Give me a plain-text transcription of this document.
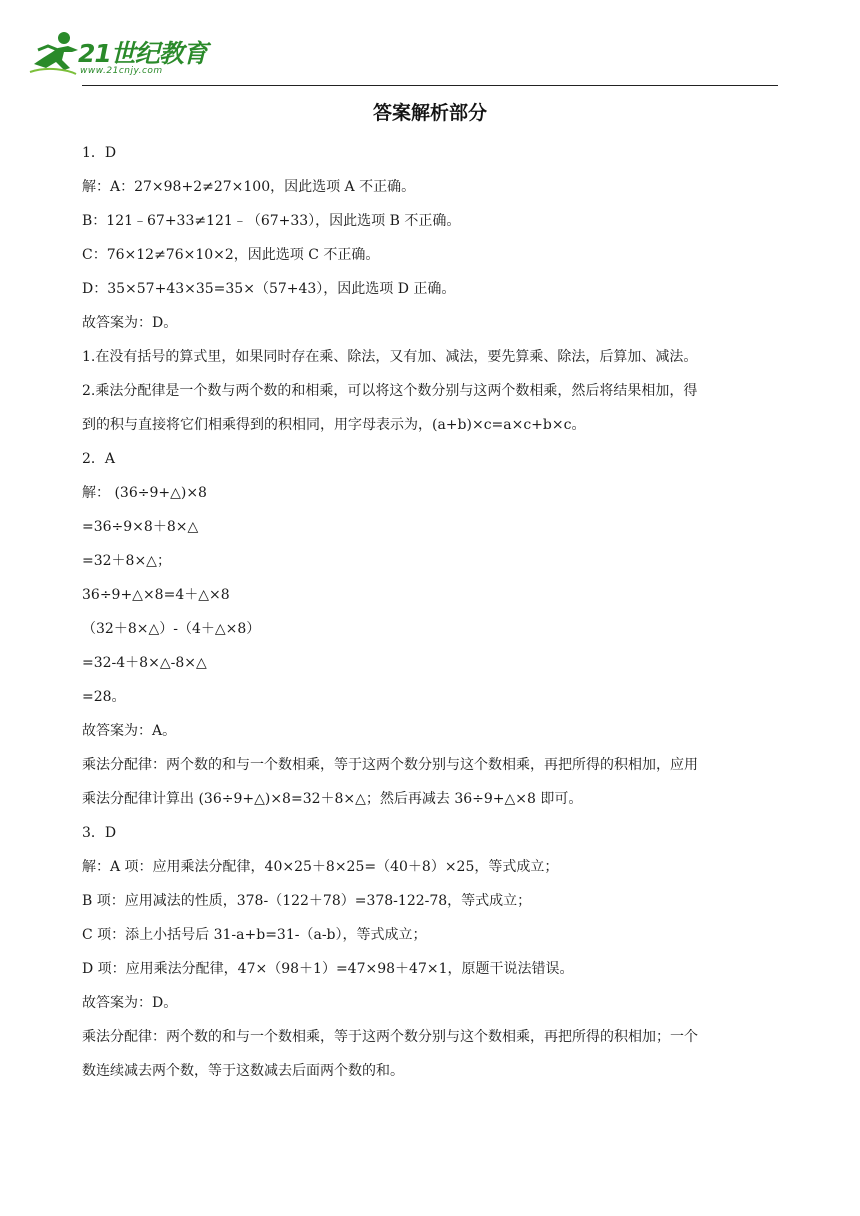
21世纪教育
www.21cnjy.com
答案解析部分
1．D
解：A：27×98+2≠27×100，因此选项 A 不正确。
B：121﹣67+33≠121﹣（67+33），因此选项 B 不正确。
C：76×12≠76×10×2，因此选项 C 不正确。
D：35×57+43×35=35×（57+43），因此选项 D 正确。
故答案为：D。
1.在没有括号的算式里，如果同时存在乘、除法，又有加、减法，要先算乘、除法，后算加、减法。
2.乘法分配律是一个数与两个数的和相乘，可以将这个数分别与这两个数相乘，然后将结果相加，得
到的积与直接将它们相乘得到的积相同，用字母表示为，(a+b)×c=a×c+b×c。
2．A
解： (36÷9+△)×8
=36÷9×8＋8×△
=32＋8×△；
36÷9+△×8=4＋△×8
（32＋8×△）-（4＋△×8）
=32-4＋8×△-8×△
=28。
故答案为：A。
乘法分配律：两个数的和与一个数相乘，等于这两个数分别与这个数相乘，再把所得的积相加，应用
乘法分配律计算出 (36÷9+△)×8=32＋8×△；然后再减去 36÷9+△×8 即可。
3．D
解：A 项：应用乘法分配律，40×25＋8×25=（40＋8）×25，等式成立；
B 项：应用减法的性质，378-（122＋78）=378-122-78，等式成立；
C 项：添上小括号后 31-a+b=31-（a-b），等式成立；
D 项：应用乘法分配律，47×（98＋1）=47×98＋47×1，原题干说法错误。
故答案为：D。
乘法分配律：两个数的和与一个数相乘，等于这两个数分别与这个数相乘，再把所得的积相加；一个
数连续减去两个数，等于这数减去后面两个数的和。
